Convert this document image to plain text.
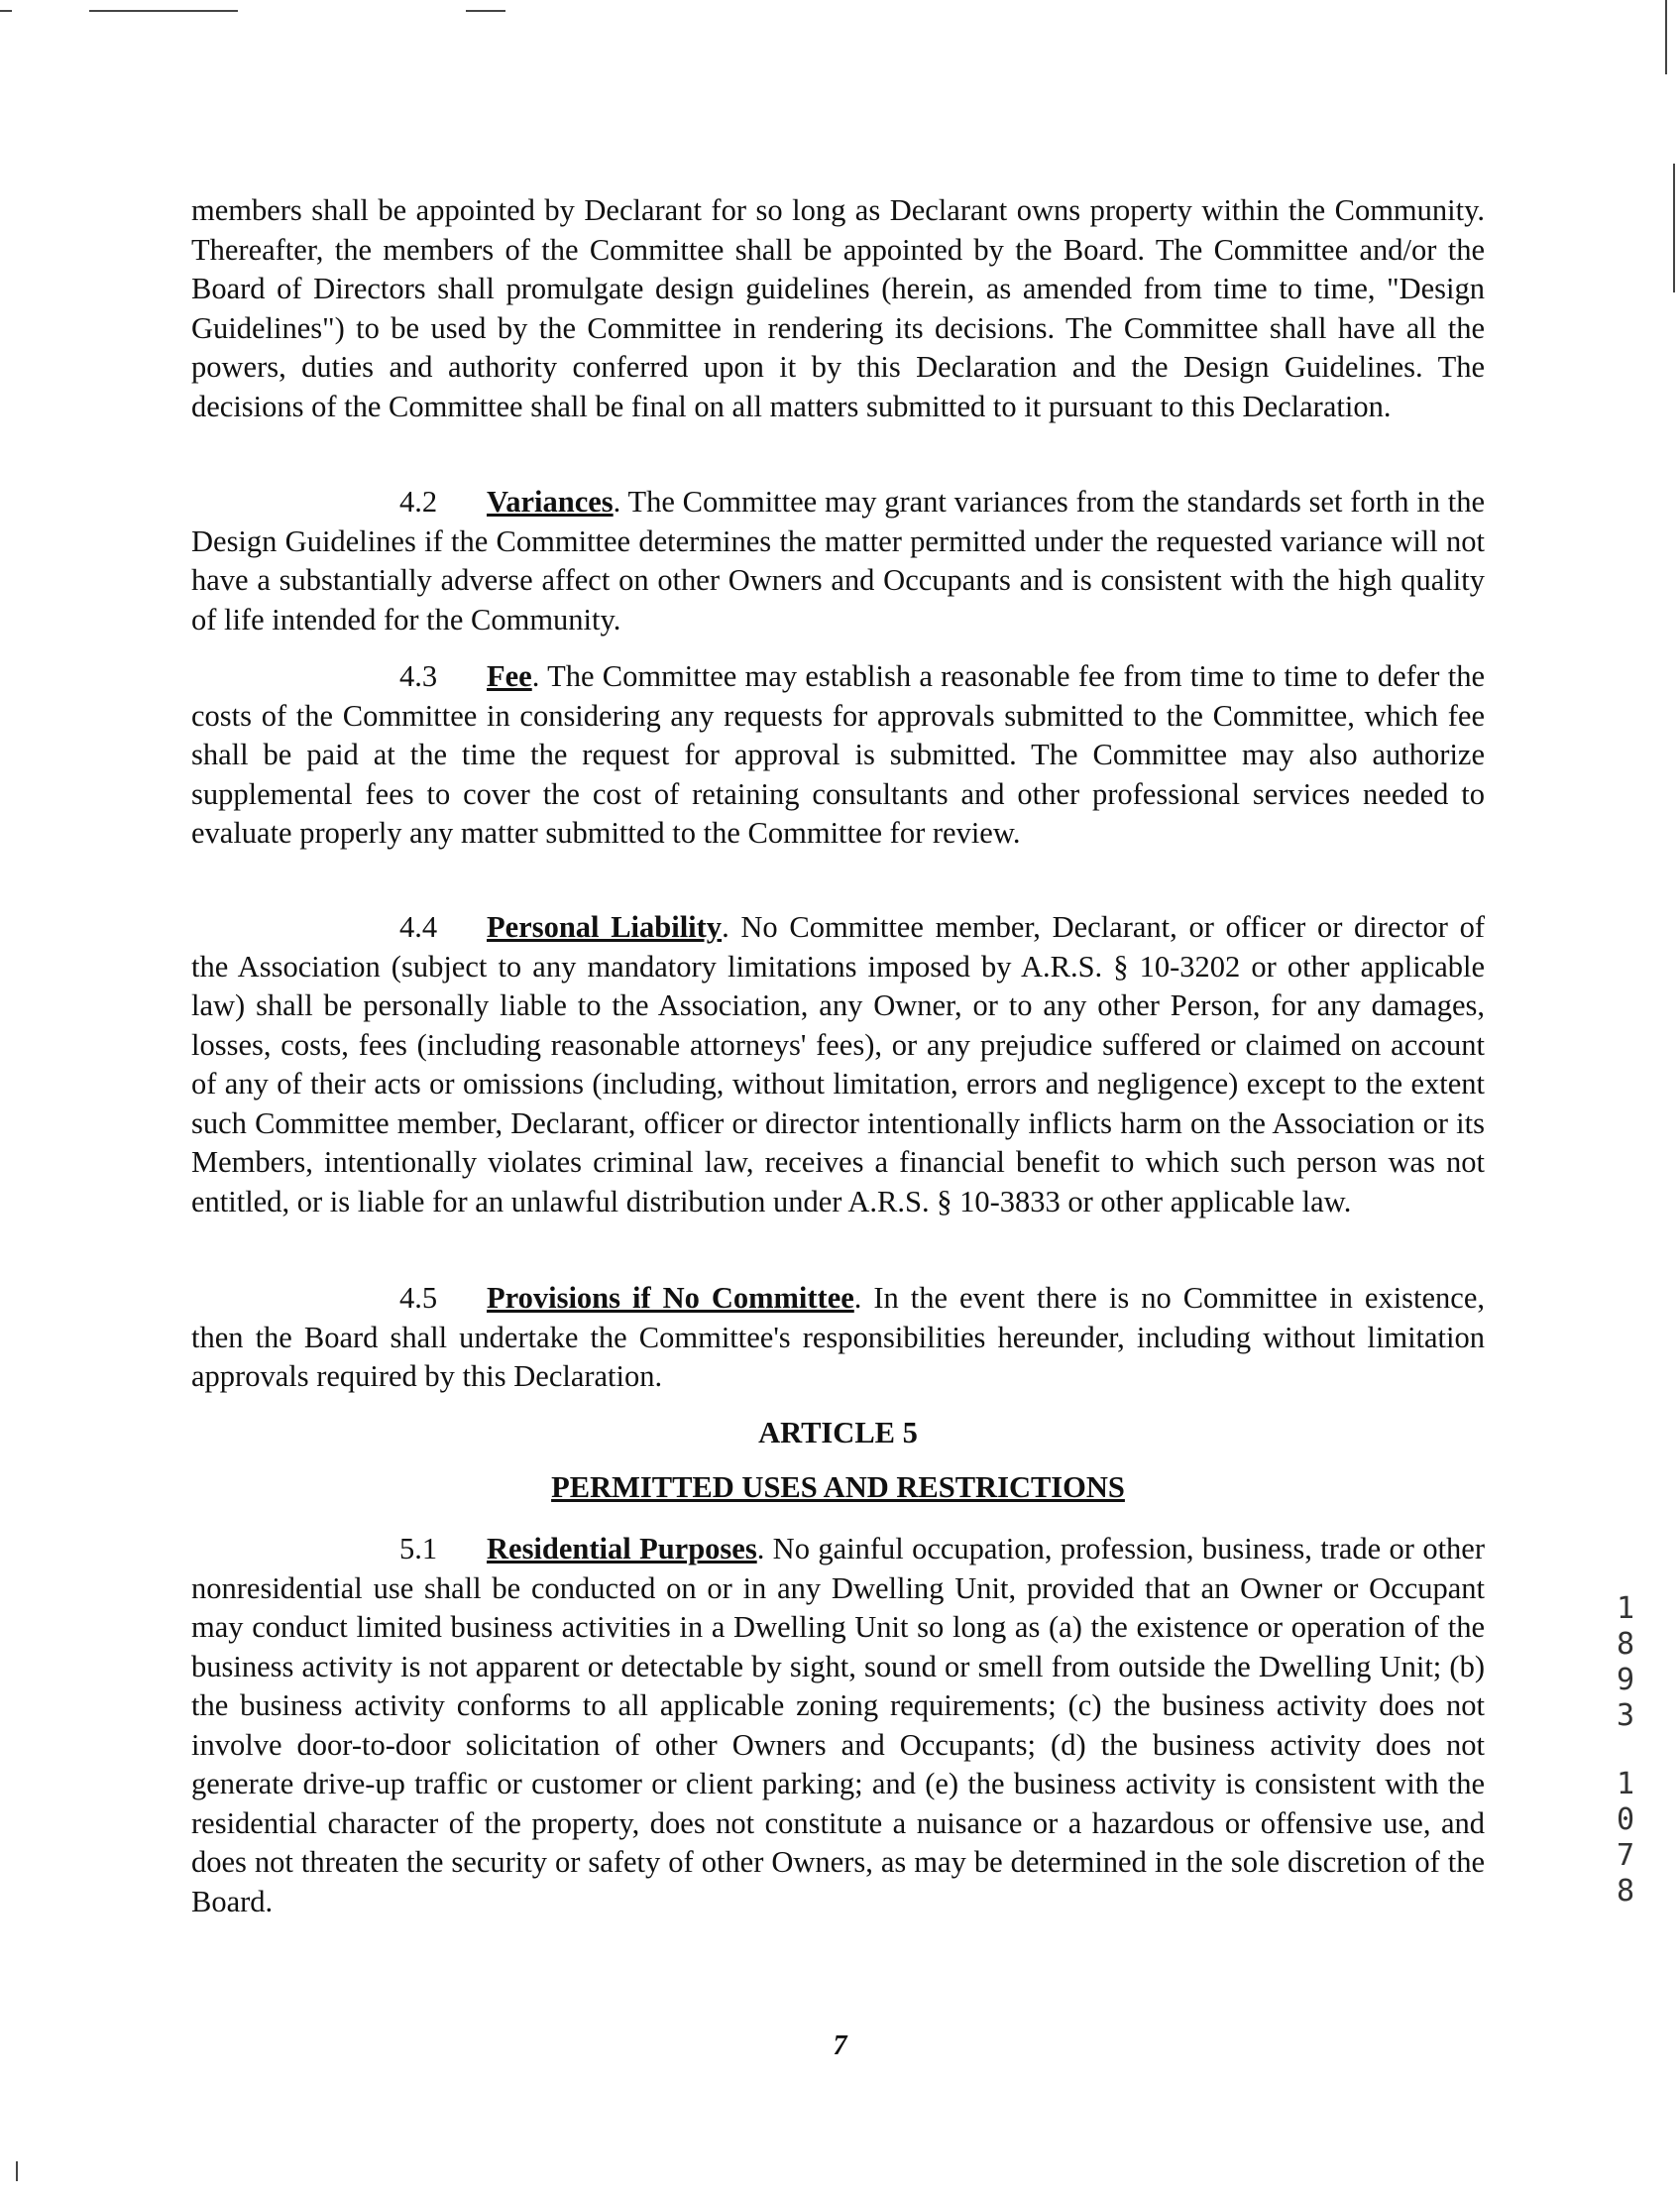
members shall be appointed by Declarant for so long as Declarant owns property within the Community. Thereafter, the members of the Committee shall be appointed by the Board. The Committee and/or the Board of Directors shall promulgate design guidelines (herein, as amended from time to time, "Design Guidelines") to be used by the Committee in rendering its decisions. The Committee shall have all the powers, duties and authority conferred upon it by this Declaration and the Design Guidelines. The decisions of the Committee shall be final on all matters submitted to it pursuant to this Declaration.

4.2 Variances. The Committee may grant variances from the standards set forth in the Design Guidelines if the Committee determines the matter permitted under the requested variance will not have a substantially adverse affect on other Owners and Occupants and is consistent with the high quality of life intended for the Community.

4.3 Fee. The Committee may establish a reasonable fee from time to time to defer the costs of the Committee in considering any requests for approvals submitted to the Committee, which fee shall be paid at the time the request for approval is submitted. The Committee may also authorize supplemental fees to cover the cost of retaining consultants and other professional services needed to evaluate properly any matter submitted to the Committee for review.

4.4 Personal Liability. No Committee member, Declarant, or officer or director of the Association (subject to any mandatory limitations imposed by A.R.S. § 10-3202 or other applicable law) shall be personally liable to the Association, any Owner, or to any other Person, for any damages, losses, costs, fees (including reasonable attorneys' fees), or any prejudice suffered or claimed on account of any of their acts or omissions (including, without limitation, errors and negligence) except to the extent such Committee member, Declarant, officer or director intentionally inflicts harm on the Association or its Members, intentionally violates criminal law, receives a financial benefit to which such person was not entitled, or is liable for an unlawful distribution under A.R.S. § 10-3833 or other applicable law.

4.5 Provisions if No Committee. In the event there is no Committee in existence, then the Board shall undertake the Committee's responsibilities hereunder, including without limitation approvals required by this Declaration.

ARTICLE 5
PERMITTED USES AND RESTRICTIONS

5.1 Residential Purposes. No gainful occupation, profession, business, trade or other nonresidential use shall be conducted on or in any Dwelling Unit, provided that an Owner or Occupant may conduct limited business activities in a Dwelling Unit so long as (a) the existence or operation of the business activity is not apparent or detectable by sight, sound or smell from outside the Dwelling Unit; (b) the business activity conforms to all applicable zoning requirements; (c) the business activity does not involve door-to-door solicitation of other Owners and Occupants; (d) the business activity does not generate drive-up traffic or customer or client parking; and (e) the business activity is consistent with the residential character of the property, does not constitute a nuisance or a hazardous or offensive use, and does not threaten the security or safety of other Owners, as may be determined in the sole discretion of the Board.

1
8
9
3
1
0
7
8
7
